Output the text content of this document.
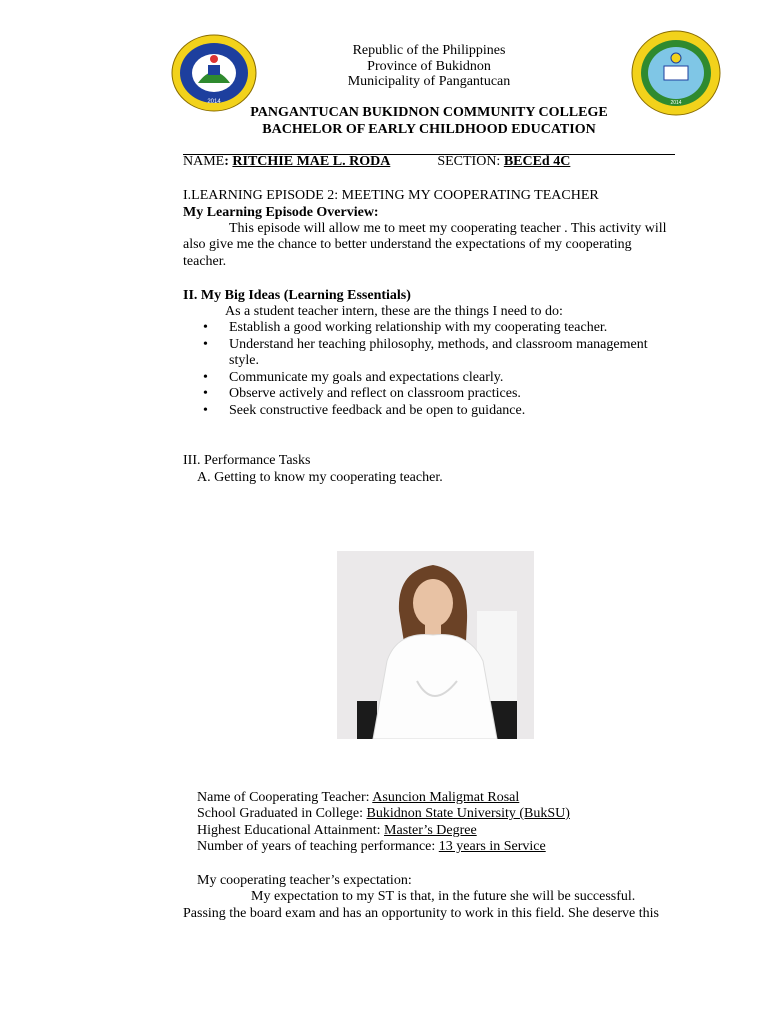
2014	2014
Republic of the Philippines
Province of Bukidnon
Municipality of Pangantucan
PANGANTUCAN BUKIDNON COMMUNITY COLLEGE
BACHELOR OF EARLY CHILDHOOD EDUCATION
NAME: RITCHIE MAE L. RODA	SECTION: BECEd 4C
I.LEARNING EPISODE 2: MEETING MY COOPERATING TEACHER
My Learning Episode Overview:
This episode will allow me to meet my cooperating teacher . This activity will
also give me the chance to better understand the expectations of my cooperating
teacher.
II. My Big Ideas (Learning Essentials)
As a student teacher intern, these are the things I need to do:
• Establish a good working relationship with my cooperating teacher.
• Understand her teaching philosophy, methods, and classroom management style.
• Communicate my goals and expectations clearly.
• Observe actively and reflect on classroom practices.
• Seek constructive feedback and be open to guidance.
III. Performance Tasks
A. Getting to know my cooperating teacher.
Name of Cooperating Teacher: Asuncion Maligmat Rosal
School Graduated in College: Bukidnon State University (BukSU)
Highest Educational Attainment: Master’s Degree
Number of years of teaching performance: 13 years in Service
My cooperating teacher’s expectation:
My expectation to my ST is that, in the future she will be successful.
Passing the board exam and has an opportunity to work in this field. She deserve this
